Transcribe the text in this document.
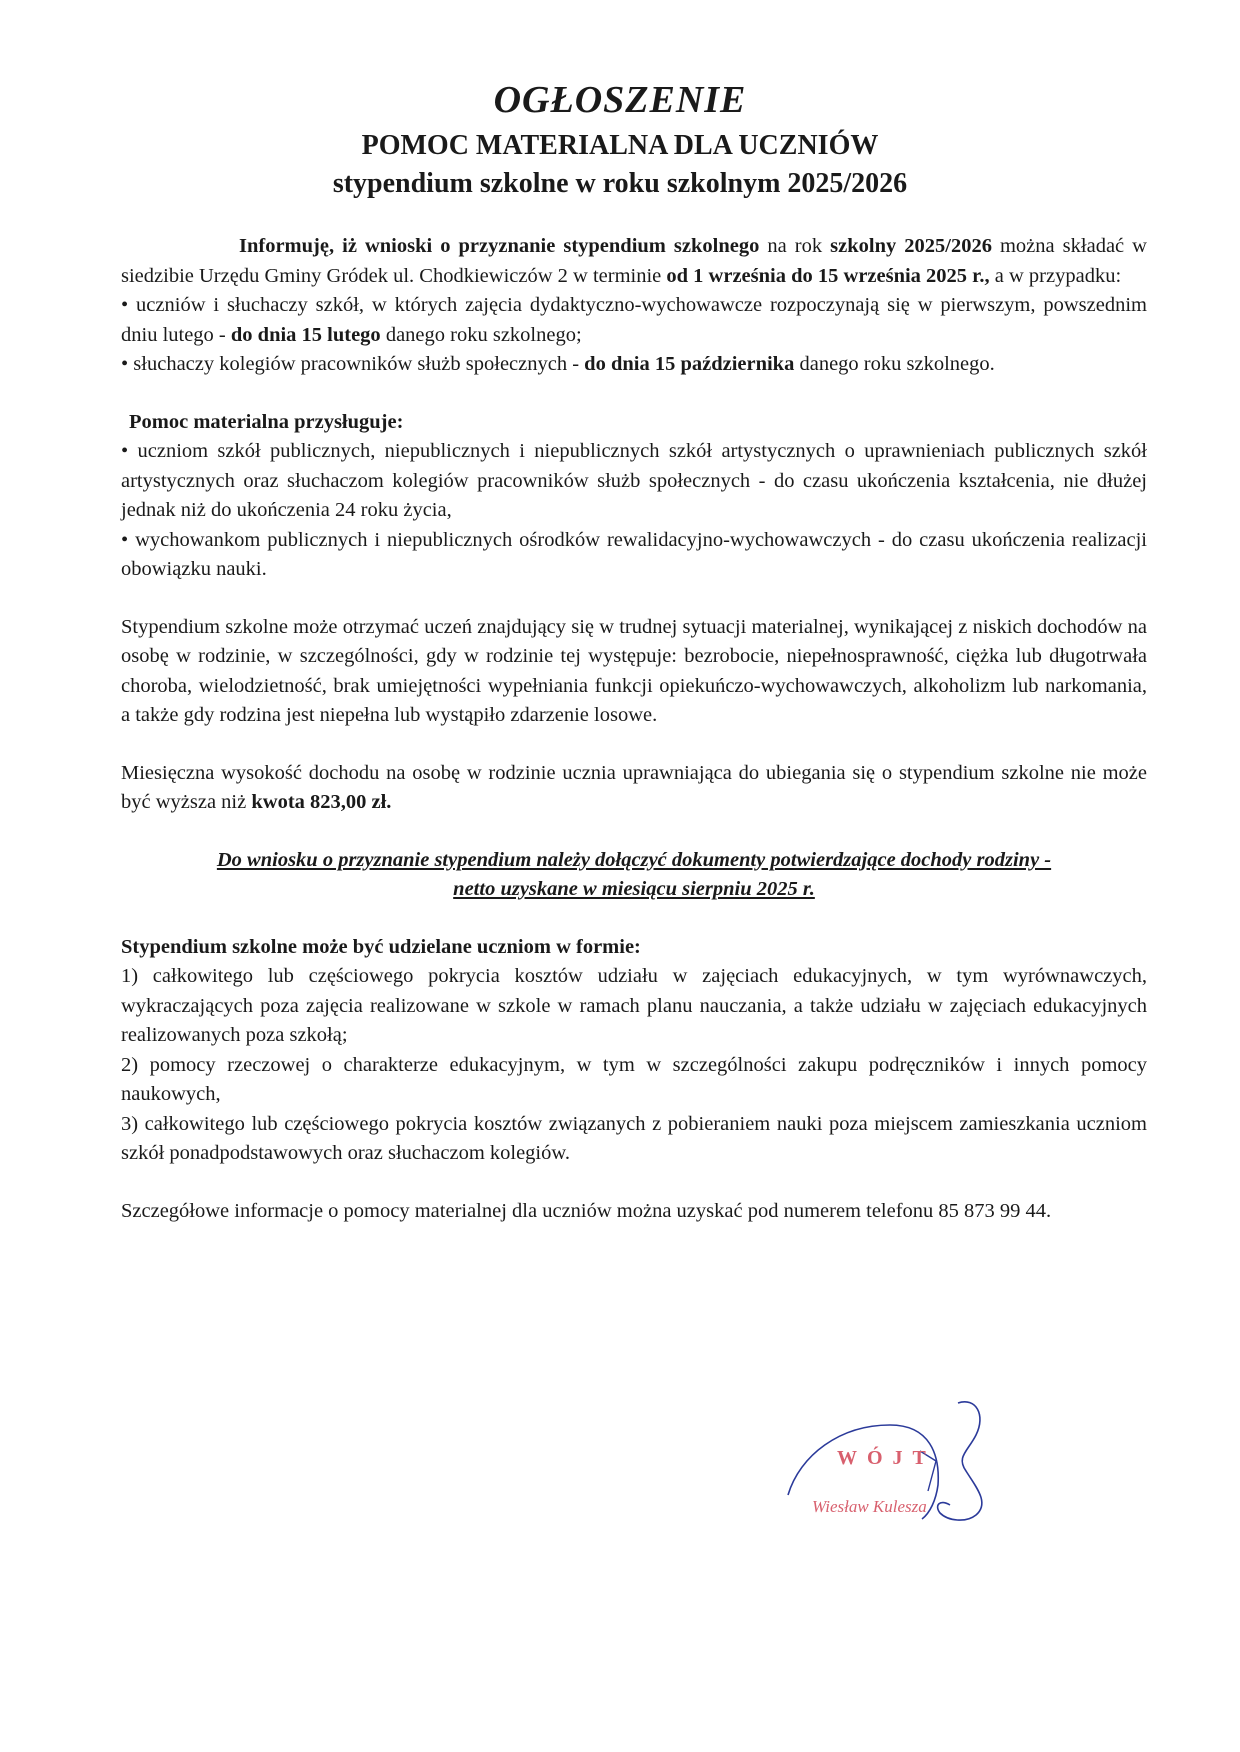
OGŁOSZENIE
POMOC MATERIALNA DLA UCZNIÓW
stypendium szkolne w roku szkolnym 2025/2026

Informuję, iż wnioski o przyznanie stypendium szkolnego na rok szkolny 2025/2026 można składać w siedzibie Urzędu Gminy Gródek ul. Chodkiewiczów 2 w terminie od 1 września do 15 września 2025 r., a w przypadku:

• uczniów i słuchaczy szkół, w których zajęcia dydaktyczno-wychowawcze rozpoczynają się w pierwszym, powszednim dniu lutego - do dnia 15 lutego danego roku szkolnego;

• słuchaczy kolegiów pracowników służb społecznych - do dnia 15 października danego roku szkolnego.

Pomoc materialna przysługuje:

• uczniom szkół publicznych, niepublicznych i niepublicznych szkół artystycznych o uprawnieniach publicznych szkół artystycznych oraz słuchaczom kolegiów pracowników służb społecznych - do czasu ukończenia kształcenia, nie dłużej jednak niż do ukończenia 24 roku życia,

• wychowankom publicznych i niepublicznych ośrodków rewalidacyjno-wychowawczych - do czasu ukończenia realizacji obowiązku nauki.

Stypendium szkolne może otrzymać uczeń znajdujący się w trudnej sytuacji materialnej, wynikającej z niskich dochodów na osobę w rodzinie, w szczególności, gdy w rodzinie tej występuje: bezrobocie, niepełnosprawność, ciężka lub długotrwała choroba, wielodzietność, brak umiejętności wypełniania funkcji opiekuńczo-wychowawczych, alkoholizm lub narkomania, a także gdy rodzina jest niepełna lub wystąpiło zdarzenie losowe.

Miesięczna wysokość dochodu na osobę w rodzinie ucznia uprawniająca do ubiegania się o stypendium szkolne nie może być wyższa niż kwota 823,00 zł.

Do wniosku o przyznanie stypendium należy dołączyć dokumenty potwierdzające dochody rodziny -
netto uzyskane w miesiącu sierpniu 2025 r.

Stypendium szkolne może być udzielane uczniom w formie:

1) całkowitego lub częściowego pokrycia kosztów udziału w zajęciach edukacyjnych, w tym wyrównawczych, wykraczających poza zajęcia realizowane w szkole w ramach planu nauczania, a także udziału w zajęciach edukacyjnych realizowanych poza szkołą;

2) pomocy rzeczowej o charakterze edukacyjnym, w tym w szczególności zakupu podręczników i innych pomocy naukowych,

3) całkowitego lub częściowego pokrycia kosztów związanych z pobieraniem nauki poza miejscem zamieszkania uczniom szkół ponadpodstawowych oraz słuchaczom kolegiów.

Szczegółowe informacje o pomocy materialnej dla uczniów można uzyskać pod numerem telefonu 85 873 99 44.

WÓJT
Wiesław Kulesza
